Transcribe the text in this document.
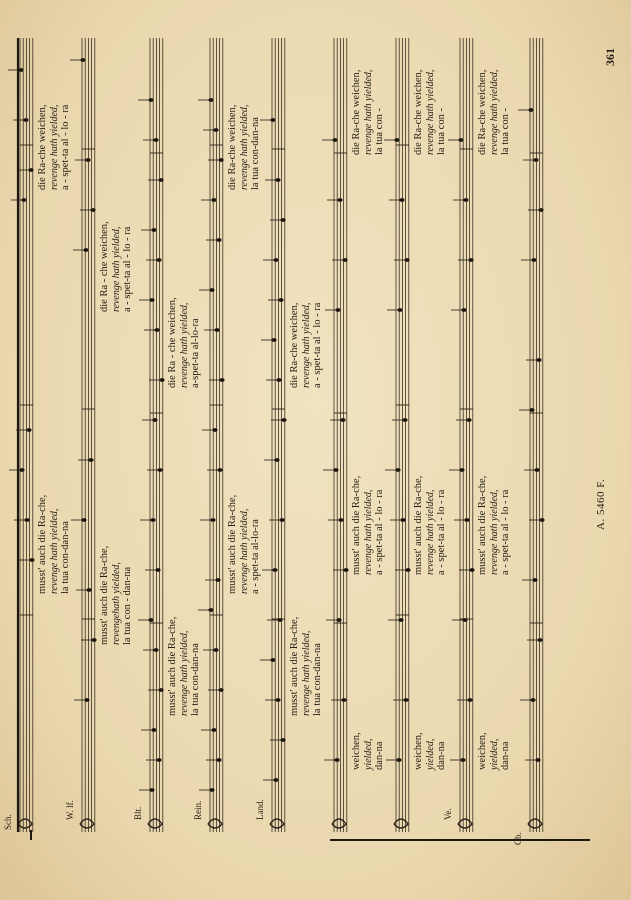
musst' auch die Ra-che, revenge hath yielded, la tua con-dan-na
die Ra-che weichen, revenge hath yielded, a - spet-ta al - lo - ra
Sch.
musst' auch die Ra-che, revengehath yielded, la tua con - dan-na
die Ra - che weichen, revenge hath yielded, a - spet-ta al - lo - ra
W. lf.
musst' auch die Ra-che, revenge hath yielded, la tua con-dan-na
die Ra - che weichen, revenge hath yielded, a-spet-ta al-lo-ra
Blt.
musst' auch die Ra-che, revenge hath yielded, a - spet-ta al-lo-ra
die Ra-che weichen, revenge hath yielded, la tua con-dan-na
Rein.
musst' auch die Ra-che, revenge hath yielded, la tua con-dan-na
die Ra-che weichen, revenge hath yielded, a - spet-ta al - lo - ra
Land.
weichen, yielded, dan-na
musst' auch die Ra-che, revenge hath yielded, a - spet-ta al - lo - ra
die Ra-che weichen, revenge hath yielded, la tua con -
weichen, yielded, dan-na
musst' auch die Ra-che, revenge hath yielded, a - spet-ta al - lo - ra
die Ra-che weichen, revenge hath yielded, la tua con -
weichen, yielded, dan-na
musst' auch die Ra-che, revenge hath yielded, a - spet-ta al - lo - ra
die Ra-che weichen, revenge hath yielded, la tua con -
Ve.
Cb.
361
A. 5460 F.
